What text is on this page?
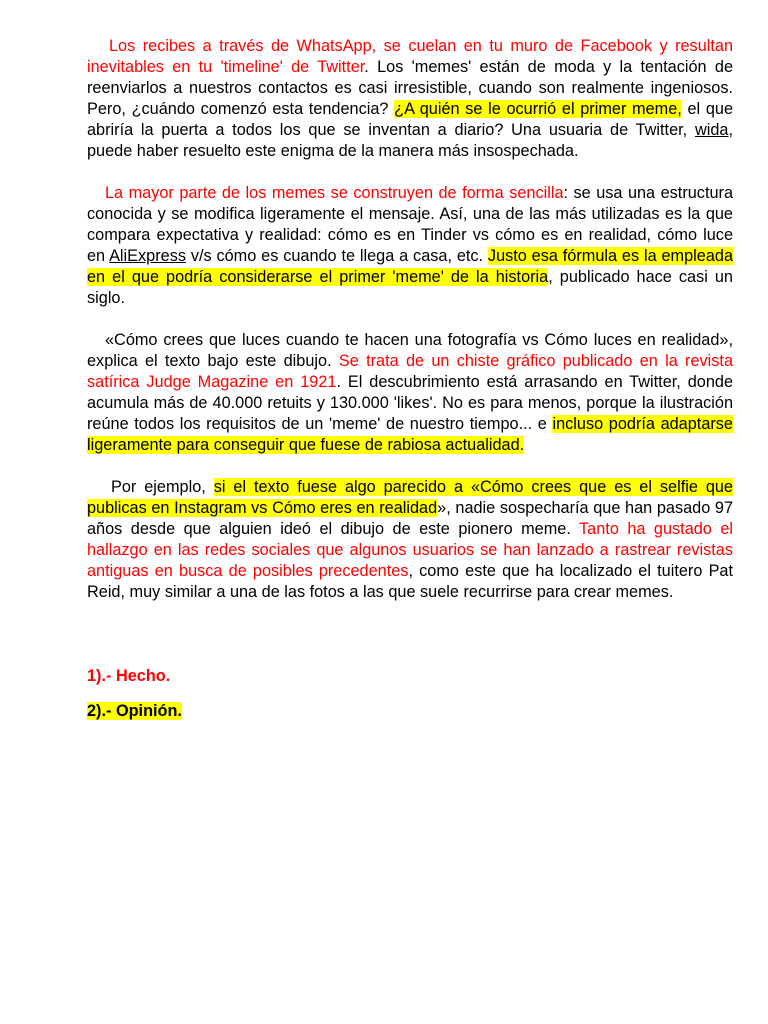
Los recibes a través de WhatsApp, se cuelan en tu muro de Facebook y resultan inevitables en tu 'timeline' de Twitter. Los 'memes' están de moda y la tentación de reenviarlos a nuestros contactos es casi irresistible, cuando son realmente ingeniosos. Pero, ¿cuándo comenzó esta tendencia? ¿A quién se le ocurrió el primer meme, el que abriría la puerta a todos los que se inventan a diario? Una usuaria de Twitter, wida, puede haber resuelto este enigma de la manera más insospechada.

La mayor parte de los memes se construyen de forma sencilla: se usa una estructura conocida y se modifica ligeramente el mensaje. Así, una de las más utilizadas es la que compara expectativa y realidad: cómo es en Tinder vs cómo es en realidad, cómo luce en AliExpress v/s cómo es cuando te llega a casa, etc. Justo esa fórmula es la empleada en el que podría considerarse el primer 'meme' de la historia, publicado hace casi un siglo.

«Cómo crees que luces cuando te hacen una fotografía vs Cómo luces en realidad», explica el texto bajo este dibujo. Se trata de un chiste gráfico publicado en la revista satírica Judge Magazine en 1921. El descubrimiento está arrasando en Twitter, donde acumula más de 40.000 retuits y 130.000 'likes'. No es para menos, porque la ilustración reúne todos los requisitos de un 'meme' de nuestro tiempo... e incluso podría adaptarse ligeramente para conseguir que fuese de rabiosa actualidad.

Por ejemplo, si el texto fuese algo parecido a «Cómo crees que es el selfie que publicas en Instagram vs Cómo eres en realidad», nadie sospecharía que han pasado 97 años desde que alguien ideó el dibujo de este pionero meme. Tanto ha gustado el hallazgo en las redes sociales que algunos usuarios se han lanzado a rastrear revistas antiguas en busca de posibles precedentes, como este que ha localizado el tuitero Pat Reid, muy similar a una de las fotos a las que suele recurrirse para crear memes.

1).- Hecho.

2).- Opinión.
